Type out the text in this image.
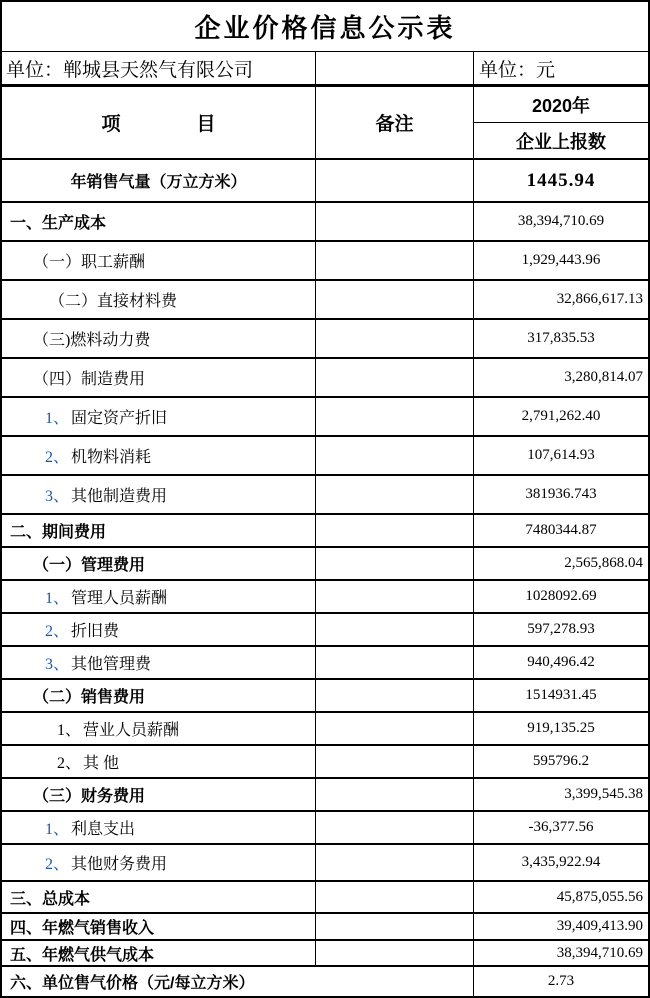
企业价格信息公示表
单位：郸城县天然气有限公司	单位：元
项　　　　目	备注
2020年
企业上报数
年销售气量（万立方米）	1445.94
一、生产成本	38,394,710.69
（一）职工薪酬	1,929,443.96
（二）直接材料费	32,866,617.13
（三)燃料动力费	317,835.53
（四）制造费用	3,280,814.07
1、 固定资产折旧	2,791,262.40
2、 机物料消耗	107,614.93
3、 其他制造费用	381936.743
二、期间费用	7480344.87
（一）管理费用	2,565,868.04
1、 管理人员薪酬	1028092.69
2、 折旧费	597,278.93
3、 其他管理费	940,496.42
（二）销售费用	1514931.45
1、 营业人员薪酬	919,135.25
2、 其 他	595796.2
（三）财务费用	3,399,545.38
1、 利息支出	-36,377.56
2、 其他财务费用	3,435,922.94
三、总成本	45,875,055.56
四、年燃气销售收入	39,409,413.90
五、年燃气供气成本	38,394,710.69
六、单位售气价格（元/每立方米）	2.73
